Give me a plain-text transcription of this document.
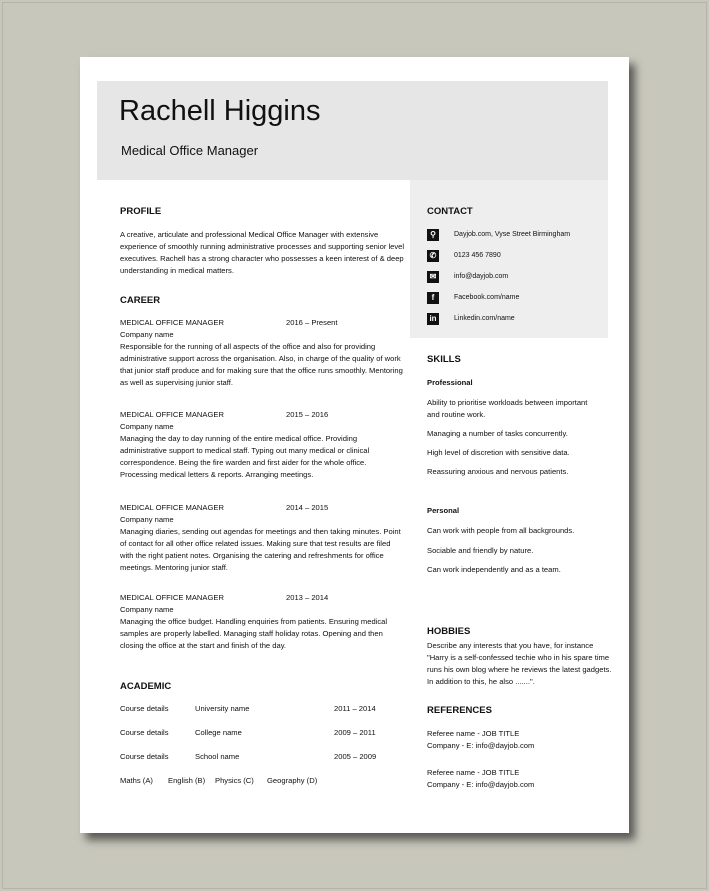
Rachell Higgins
Medical Office Manager
CONTACT
⚲	Dayjob.com, Vyse Street Birmingham
✆	0123 456 7890
✉	info@dayjob.com
f	Facebook.com/name
in	Linkedin.com/name
PROFILE
A creative, articulate and professional Medical Office Manager with extensive experience of smoothly running administrative processes and supporting senior level executives. Rachell has a strong character who possesses a keen interest of & deep understanding in medical matters.
CAREER
MEDICAL OFFICE MANAGER	2016 – Present
Company name
Responsible for the running of all aspects of the office and also for providing administrative support across the organisation. Also, in charge of the quality of work that junior staff produce and for making sure that the office runs smoothly. Mentoring as well as supervising junior staff.
MEDICAL OFFICE MANAGER	2015 – 2016
Company name
Managing the day to day running of the entire medical office. Providing administrative support to medical staff. Typing out many medical or clinical correspondence. Being the fire warden and first aider for the whole office. Processing medical letters & reports. Arranging meetings.
MEDICAL OFFICE MANAGER	2014 – 2015
Company name
Managing diaries, sending out agendas for meetings and then taking minutes. Point of contact for all other office related issues. Making sure that test results are filed with the right patient notes. Organising the catering and refreshments for office meetings. Mentoring junior staff.
MEDICAL OFFICE MANAGER	2013 – 2014
Company name
Managing the office budget. Handling enquiries from patients. Ensuring medical samples are properly labelled. Managing staff holiday rotas. Opening and then closing the office at the start and finish of the day.
ACADEMIC
Course details	University name	2011 – 2014
Course details	College name	2009 – 2011
Course details	School name	2005 – 2009
Maths (A) English (B) Physics (C) Geography (D)
SKILLS
Professional
Ability to prioritise workloads between important and routine work.
Managing a number of tasks concurrently.
High level of discretion with sensitive data.
Reassuring anxious and nervous patients.
Personal
Can work with people from all backgrounds.
Sociable and friendly by nature.
Can work independently and as a team.
HOBBIES
Describe any interests that you have, for instance "Harry is a self-confessed techie who in his spare time runs his own blog where he reviews the latest gadgets. In addition to this, he also .......".
REFERENCES
Referee name - JOB TITLE
Company - E: info@dayjob.com
Referee name - JOB TITLE
Company - E: info@dayjob.com
